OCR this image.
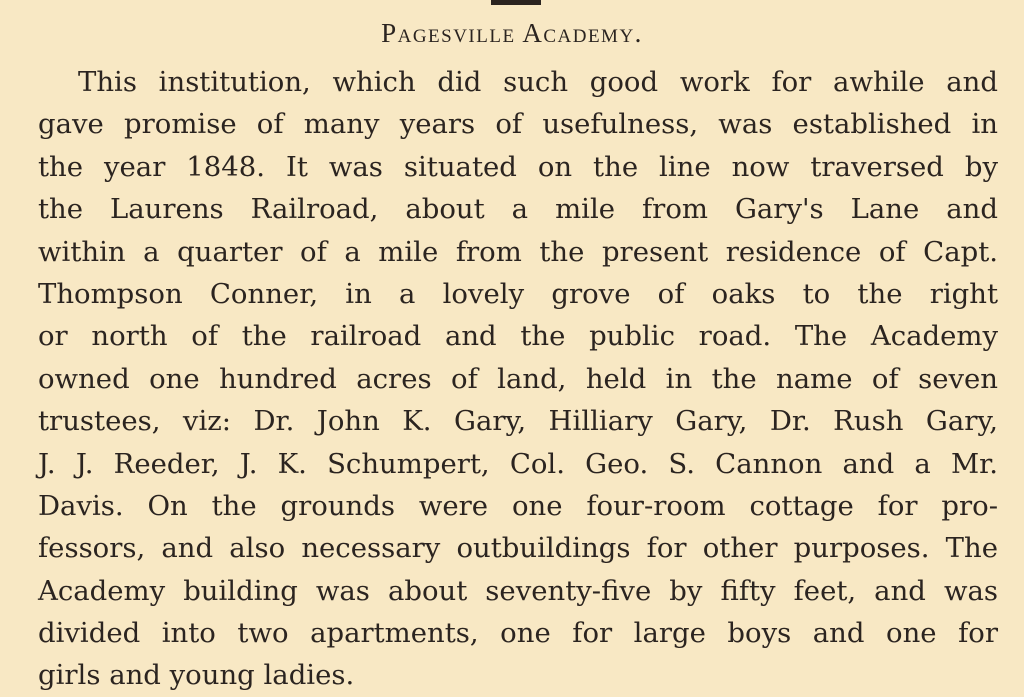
Pagesville Academy.
This institution, which did such good work for awhile and
gave promise of many years of usefulness, was established in
the year 1848. It was situated on the line now traversed by
the Laurens Railroad, about a mile from Gary's Lane and
within a quarter of a mile from the present residence of Capt.
Thompson Conner, in a lovely grove of oaks to the right
or north of the railroad and the public road. The Academy
owned one hundred acres of land, held in the name of seven
trustees, viz: Dr. John K. Gary, Hilliary Gary, Dr. Rush Gary,
J. J. Reeder, J. K. Schumpert, Col. Geo. S. Cannon and a Mr.
Davis. On the grounds were one four-room cottage for pro-
fessors, and also necessary outbuildings for other purposes. The
Academy building was about seventy-five by fifty feet, and was
divided into two apartments, one for large boys and one for
girls and young ladies.
